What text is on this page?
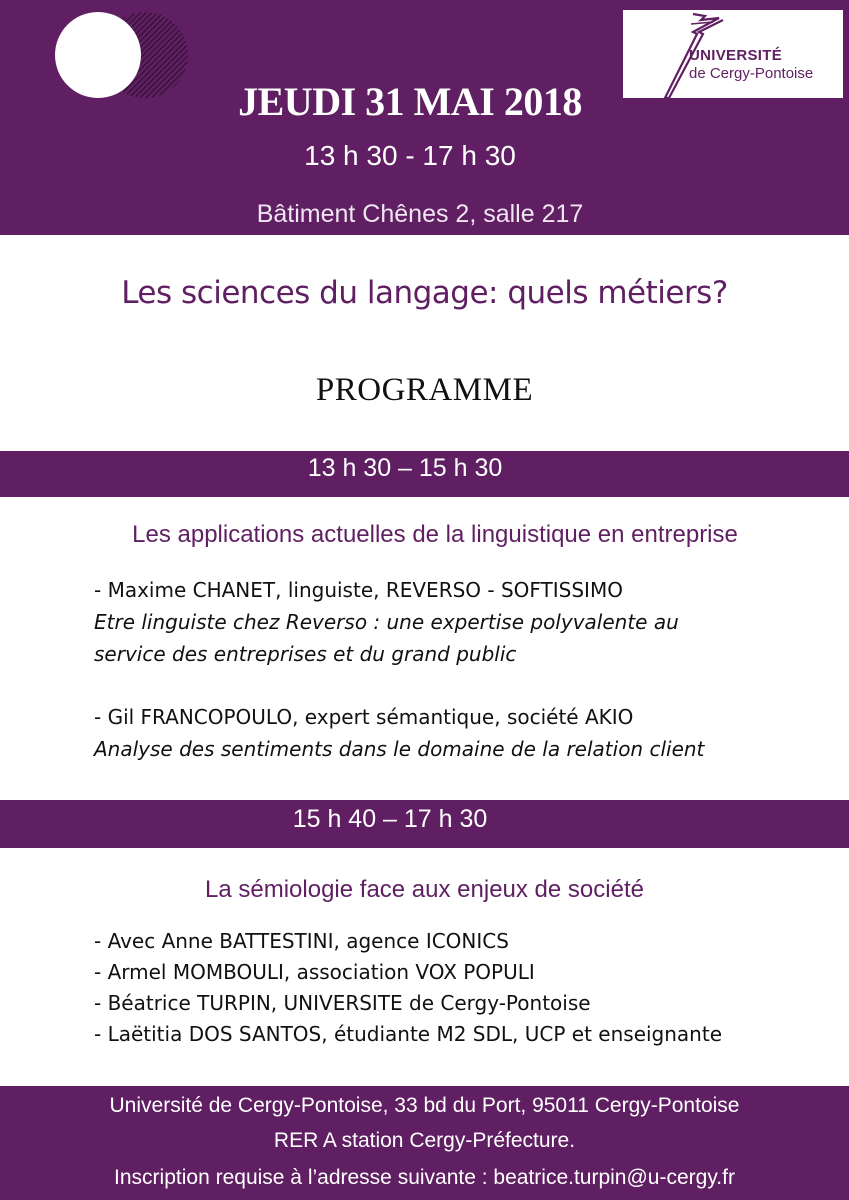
UNIVERSITÉ
de Cergy-Pontoise
JEUDI 31 MAI 2018
13 h 30 - 17 h 30
Bâtiment Chênes 2, salle 217
Les sciences du langage: quels métiers?
PROGRAMME
13 h 30 – 15 h 30
Les applications actuelles de la linguistique en entreprise
- Maxime CHANET, linguiste, REVERSO - SOFTISSIMO
Etre linguiste chez Reverso : une expertise polyvalente au
service des entreprises et du grand public
- Gil FRANCOPOULO, expert sémantique, société AKIO
Analyse des sentiments dans le domaine de la relation client
15 h 40 – 17 h 30
La sémiologie face aux enjeux de société
- Avec Anne BATTESTINI, agence ICONICS
- Armel MOMBOULI, association VOX POPULI
- Béatrice TURPIN, UNIVERSITE de Cergy-Pontoise
- Laëtitia DOS SANTOS, étudiante M2 SDL, UCP et enseignante
Université de Cergy-Pontoise, 33 bd du Port, 95011 Cergy-Pontoise
RER A station Cergy-Préfecture.
Inscription requise à l’adresse suivante : beatrice.turpin@u-cergy.fr
